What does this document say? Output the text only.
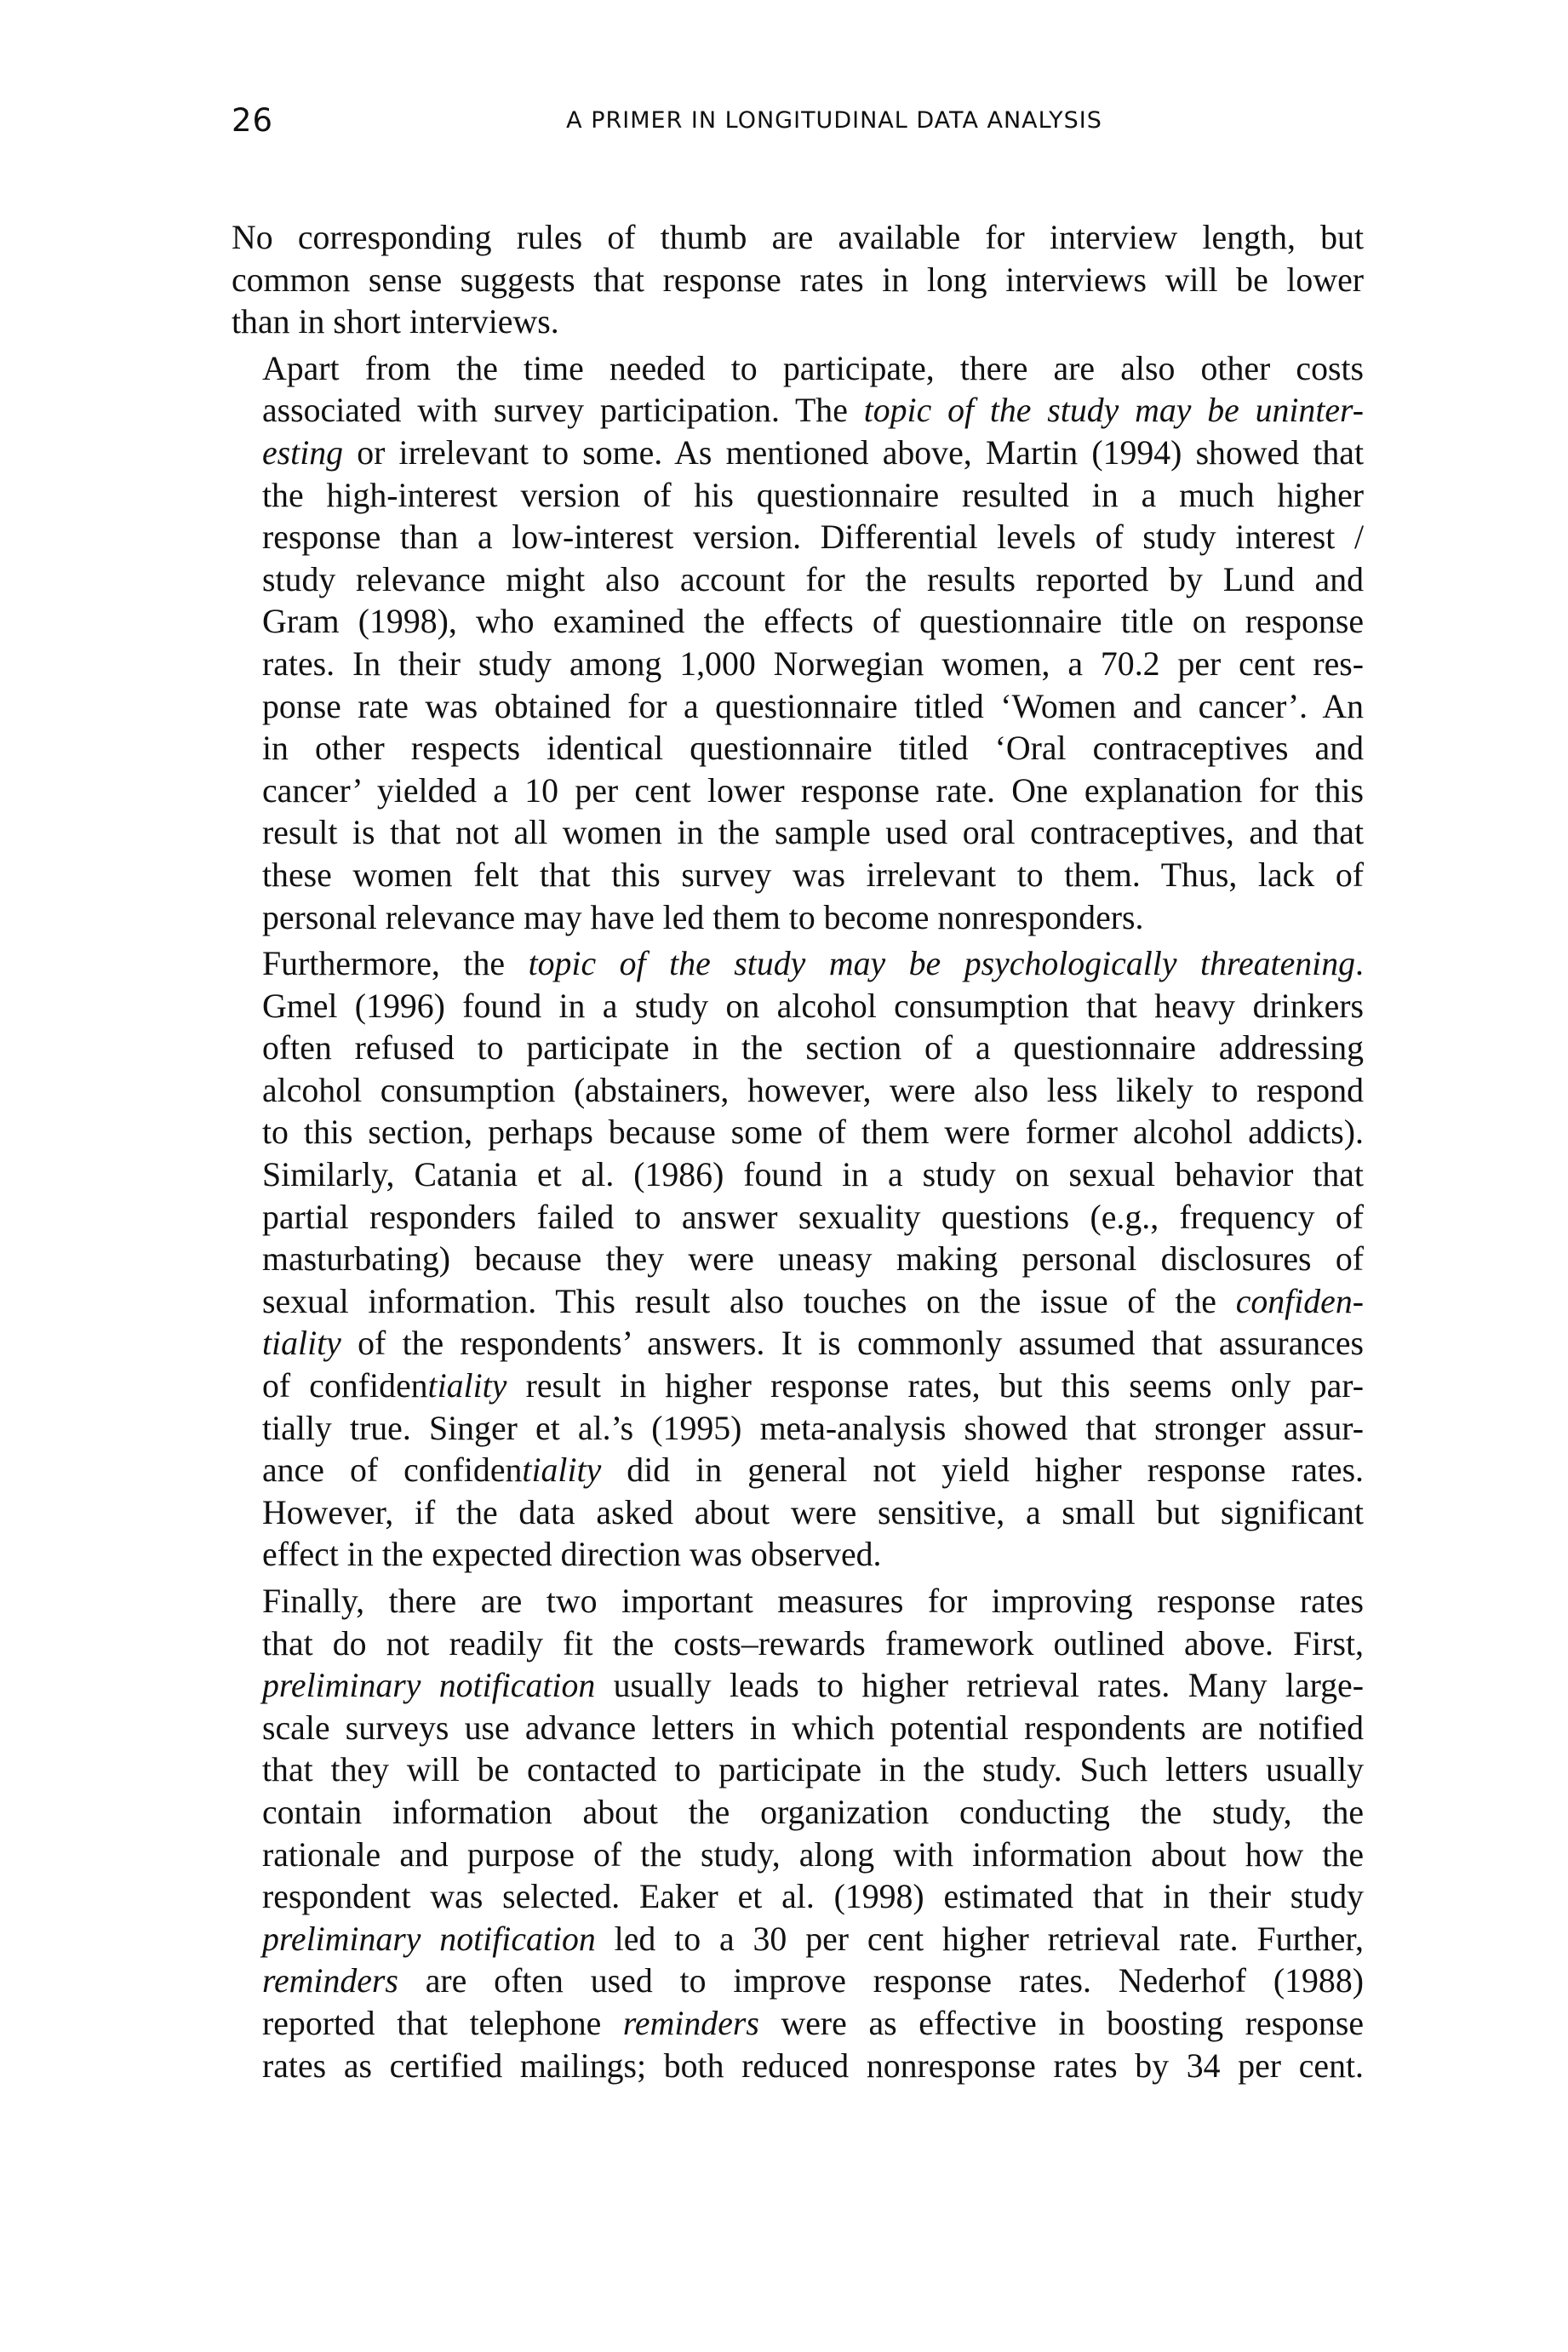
26	A PRIMER IN LONGITUDINAL DATA ANALYSIS
No corresponding rules of thumb are available for interview length, but
common sense suggests that response rates in long interviews will be lower
than in short interviews.
Apart from the time needed to participate, there are also other costs
associated with survey participation. The topic of the study may be uninter-
esting or irrelevant to some. As mentioned above, Martin (1994) showed that
the high-interest version of his questionnaire resulted in a much higher
response than a low-interest version. Differential levels of study interest /
study relevance might also account for the results reported by Lund and
Gram (1998), who examined the effects of questionnaire title on response
rates. In their study among 1,000 Norwegian women, a 70.2 per cent res-
ponse rate was obtained for a questionnaire titled ‘Women and cancer’. An
in other respects identical questionnaire titled ‘Oral contraceptives and
cancer’ yielded a 10 per cent lower response rate. One explanation for this
result is that not all women in the sample used oral contraceptives, and that
these women felt that this survey was irrelevant to them. Thus, lack of
personal relevance may have led them to become nonresponders.
Furthermore, the topic of the study may be psychologically threatening.
Gmel (1996) found in a study on alcohol consumption that heavy drinkers
often refused to participate in the section of a questionnaire addressing
alcohol consumption (abstainers, however, were also less likely to respond
to this section, perhaps because some of them were former alcohol addicts).
Similarly, Catania et al. (1986) found in a study on sexual behavior that
partial responders failed to answer sexuality questions (e.g., frequency of
masturbating) because they were uneasy making personal disclosures of
sexual information. This result also touches on the issue of the confiden-
tiality of the respondents’ answers. It is commonly assumed that assurances
of confidentiality result in higher response rates, but this seems only par-
tially true. Singer et al.’s (1995) meta-analysis showed that stronger assur-
ance of confidentiality did in general not yield higher response rates.
However, if the data asked about were sensitive, a small but significant
effect in the expected direction was observed.
Finally, there are two important measures for improving response rates
that do not readily fit the costs–rewards framework outlined above. First,
preliminary notification usually leads to higher retrieval rates. Many large-
scale surveys use advance letters in which potential respondents are notified
that they will be contacted to participate in the study. Such letters usually
contain information about the organization conducting the study, the
rationale and purpose of the study, along with information about how the
respondent was selected. Eaker et al. (1998) estimated that in their study
preliminary notification led to a 30 per cent higher retrieval rate. Further,
reminders are often used to improve response rates. Nederhof (1988)
reported that telephone reminders were as effective in boosting response
rates as certified mailings; both reduced nonresponse rates by 34 per cent.
